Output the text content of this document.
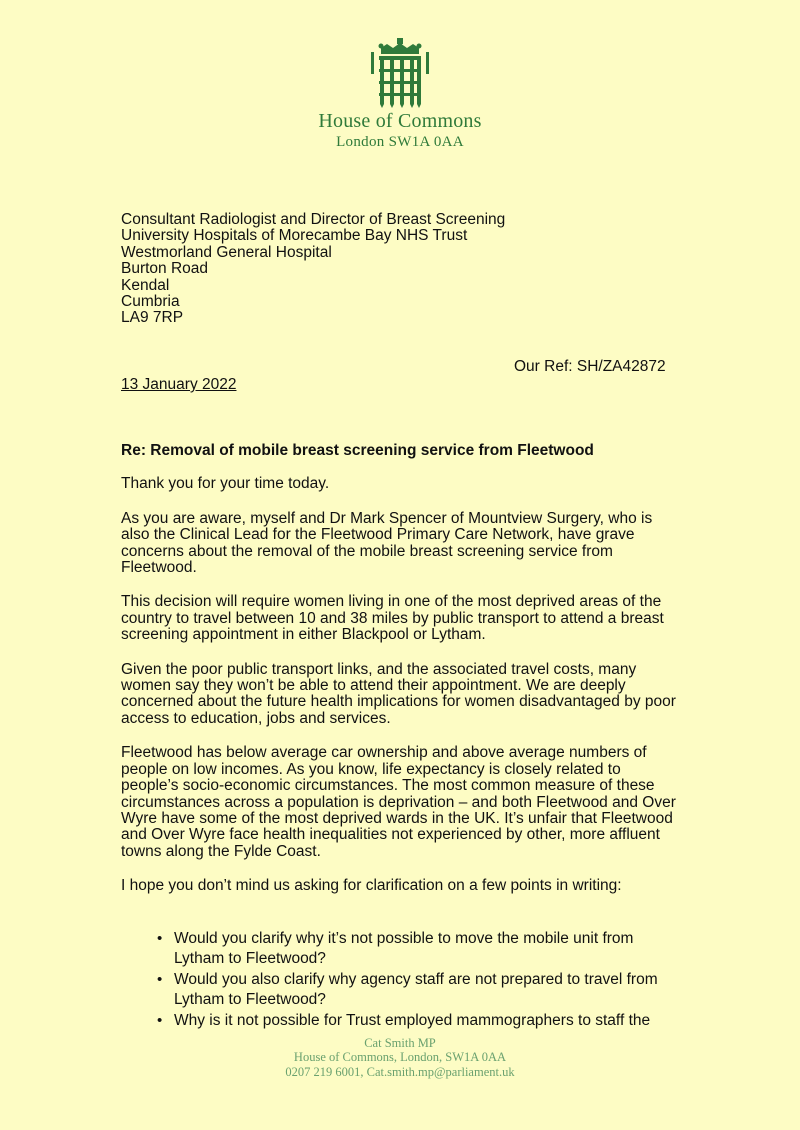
House of Commons
London SW1A 0AA
Consultant Radiologist and Director of Breast Screening
University Hospitals of Morecambe Bay NHS Trust
Westmorland General Hospital
Burton Road
Kendal
Cumbria
LA9 7RP
Our Ref: SH/ZA42872
13 January 2022

Re: Removal of mobile breast screening service from Fleetwood

Thank you for your time today.

As you are aware, myself and Dr Mark Spencer of Mountview Surgery, who is also the Clinical Lead for the Fleetwood Primary Care Network, have grave concerns about the removal of the mobile breast screening service from Fleetwood.

This decision will require women living in one of the most deprived areas of the country to travel between 10 and 38 miles by public transport to attend a breast screening appointment in either Blackpool or Lytham.

Given the poor public transport links, and the associated travel costs, many women say they won’t be able to attend their appointment. We are deeply concerned about the future health implications for women disadvantaged by poor access to education, jobs and services.

Fleetwood has below average car ownership and above average numbers of people on low incomes. As you know, life expectancy is closely related to people’s socio-economic circumstances. The most common measure of these circumstances across a population is deprivation – and both Fleetwood and Over Wyre have some of the most deprived wards in the UK. It’s unfair that Fleetwood and Over Wyre face health inequalities not experienced by other, more affluent towns along the Fylde Coast.

I hope you don’t mind us asking for clarification on a few points in writing:

• Would you clarify why it’s not possible to move the mobile unit from Lytham to Fleetwood?
• Would you also clarify why agency staff are not prepared to travel from Lytham to Fleetwood?
• Why is it not possible for Trust employed mammographers to staff the
Cat Smith MP
House of Commons, London, SW1A 0AA
0207 219 6001, Cat.smith.mp@parliament.uk
